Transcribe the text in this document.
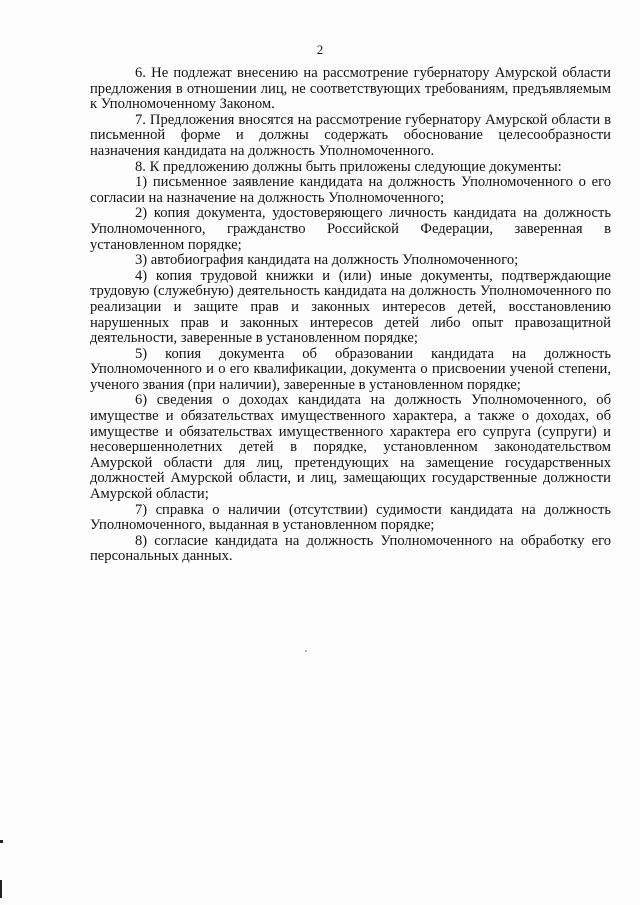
2

6. Не подлежат внесению на рассмотрение губернатору Амурской области предложения в отношении лиц, не соответствующих требованиям, предъявляемым к Уполномоченному Законом.

7. Предложения вносятся на рассмотрение губернатору Амурской области в письменной форме и должны содержать обоснование целесообразности назначения кандидата на должность Уполномоченного.

8. К предложению должны быть приложены следующие документы:

1) письменное заявление кандидата на должность Уполномоченного о его согласии на назначение на должность Уполномоченного;

2) копия документа, удостоверяющего личность кандидата на должность Уполномоченного, гражданство Российской Федерации, заверенная в установленном порядке;

3) автобиография кандидата на должность Уполномоченного;

4) копия трудовой книжки и (или) иные документы, подтверждающие трудовую (служебную) деятельность кандидата на должность Уполномоченного по реализации и защите прав и законных интересов детей, восстановлению нарушенных прав и законных интересов детей либо опыт правозащитной деятельности, заверенные в установленном порядке;

5) копия документа об образовании кандидата на должность Уполномоченного и о его квалификации, документа о присвоении ученой степени, ученого звания (при наличии), заверенные в установленном порядке;

6) сведения о доходах кандидата на должность Уполномоченного, об имуществе и обязательствах имущественного характера, а также о доходах, об имуществе и обязательствах имущественного характера его супруга (супруги) и несовершеннолетних детей в порядке, установленном законодательством Амурской области для лиц, претендующих на замещение государственных должностей Амурской области, и лиц, замещающих государственные должности Амурской области;

7) справка о наличии (отсутствии) судимости кандидата на должность Уполномоченного, выданная в установленном порядке;

8) согласие кандидата на должность Уполномоченного на обработку его персональных данных.
